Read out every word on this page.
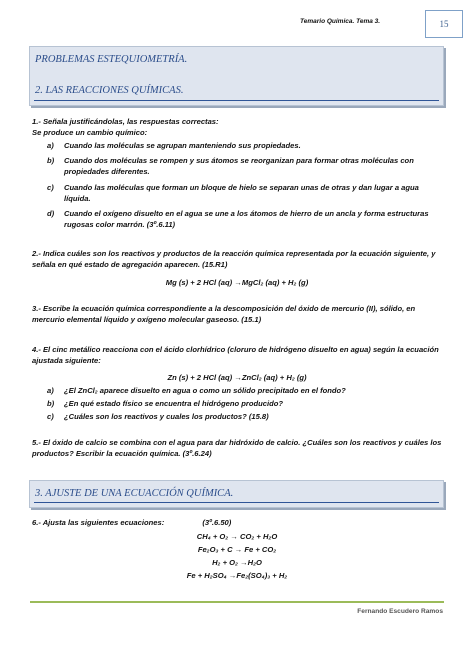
Temario Química. Tema 3.	15
PROBLEMAS ESTEQUIOMETRÍA.
2. LAS REACCIONES QUÍMICAS.
1.- Señala justificándolas, las respuestas correctas:
Se produce un cambio químico:
a)	Cuando las moléculas se agrupan manteniendo sus propiedades.
b)	Cuando dos moléculas se rompen y sus átomos se reorganizan para formar otras moléculas con propiedades diferentes.
c)	Cuando las moléculas que forman un bloque de hielo se separan unas de otras y dan lugar a agua líquida.
d)	Cuando el oxígeno disuelto en el agua se une a los átomos de hierro de un ancla y forma estructuras rugosas color marrón. (3º.6.11)
2.- Indica cuáles son los reactivos y productos de la reacción química representada por la ecuación siguiente, y señala en qué estado de agregación aparecen. (15.R1)
Mg (s) + 2 HCl (aq) →MgCl₂ (aq) + H₂ (g)
3.- Escribe la ecuación química correspondiente a la descomposición del óxido de mercurio (II), sólido, en mercurio elemental líquido y oxígeno molecular gaseoso. (15.1)
4.- El cinc metálico reacciona con el ácido clorhídrico (cloruro de hidrógeno disuelto en agua) según la ecuación ajustada siguiente:
Zn (s) + 2 HCl (aq) →ZnCl₂ (aq) + H₂ (g)
a)	¿El ZnCl₂ aparece disuelto en agua o como un sólido precipitado en el fondo?
b)	¿En qué estado físico se encuentra el hidrógeno producido?
c)	¿Cuáles son los reactivos y cuales los productos? (15.8)
5.- El óxido de calcio se combina con el agua para dar hidróxido de calcio. ¿Cuáles son los reactivos y cuáles los productos? Escribir la ecuación química. (3º.6.24)
3. AJUSTE DE UNA ECUACCIÓN QUÍMICA.
6.- Ajusta las siguientes ecuaciones:	(3º.6.50)
CH₄ + O₂ → CO₂ + H₂O
Fe₂O₃ + C → Fe + CO₂
H₂ + O₂ →H₂O
Fe + H₂SO₄ →Fe₂(SO₄)₃ + H₂
Fernando Escudero Ramos
